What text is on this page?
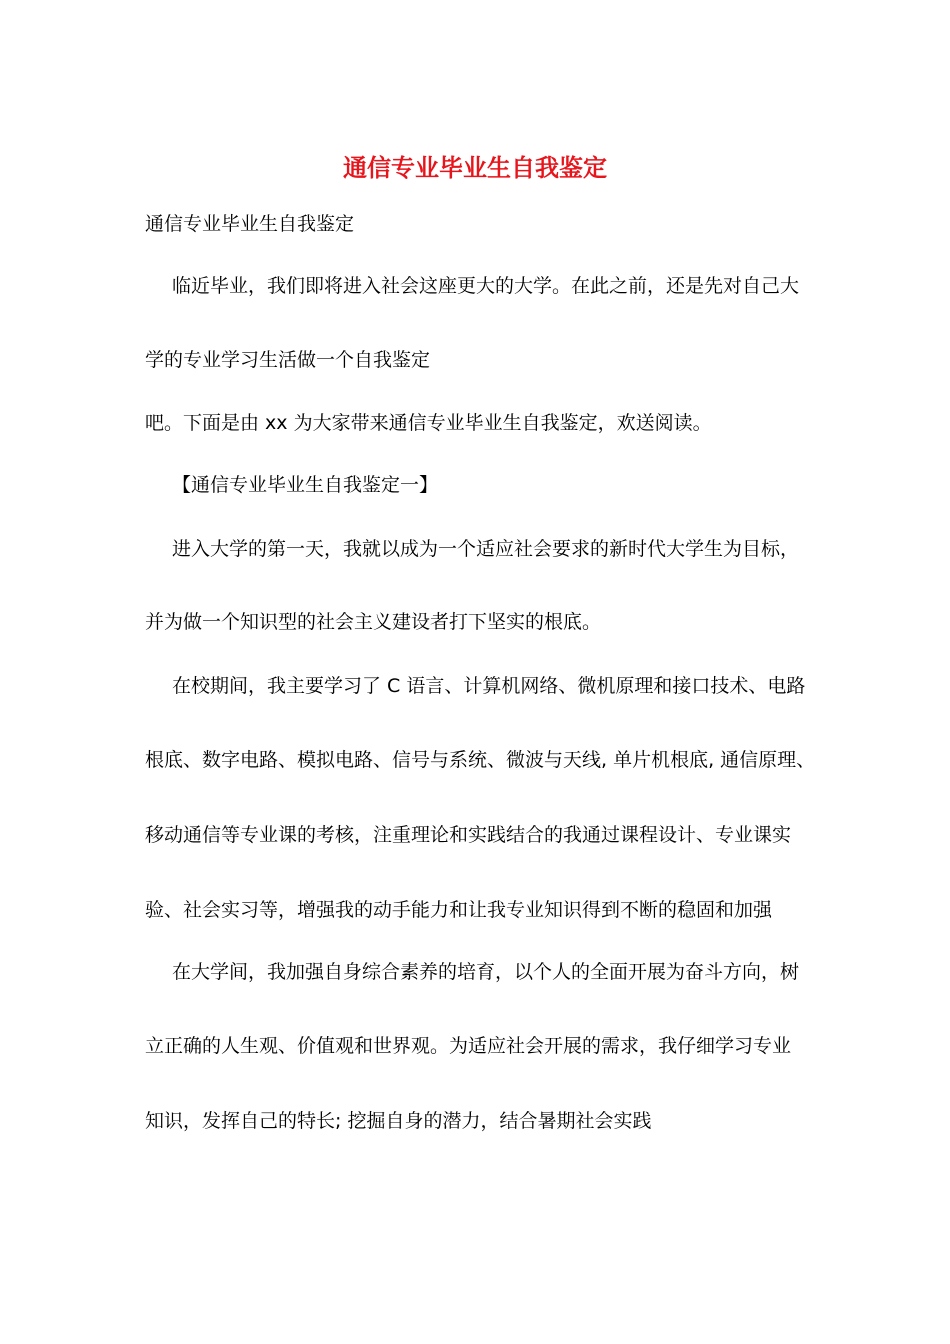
通信专业毕业生自我鉴定
通信专业毕业生自我鉴定
临近毕业，我们即将进入社会这座更大的大学。在此之前，还是先对自己大
学的专业学习生活做一个自我鉴定
吧。下面是由 xx 为大家带来通信专业毕业生自我鉴定，欢送阅读。
【通信专业毕业生自我鉴定一】
进入大学的第一天，我就以成为一个适应社会要求的新时代大学生为目标，
并为做一个知识型的社会主义建设者打下坚实的根底。
在校期间，我主要学习了 C 语言、计算机网络、微机原理和接口技术、电路
根底、数字电路、模拟电路、信号与系统、微波与天线, 单片机根底, 通信原理、
移动通信等专业课的考核，注重理论和实践结合的我通过课程设计、专业课实
验、社会实习等，增强我的动手能力和让我专业知识得到不断的稳固和加强
在大学间，我加强自身综合素养的培育，以个人的全面开展为奋斗方向，树
立正确的人生观、价值观和世界观。为适应社会开展的需求，我仔细学习专业
知识，发挥自己的特长; 挖掘自身的潜力，结合暑期社会实践
